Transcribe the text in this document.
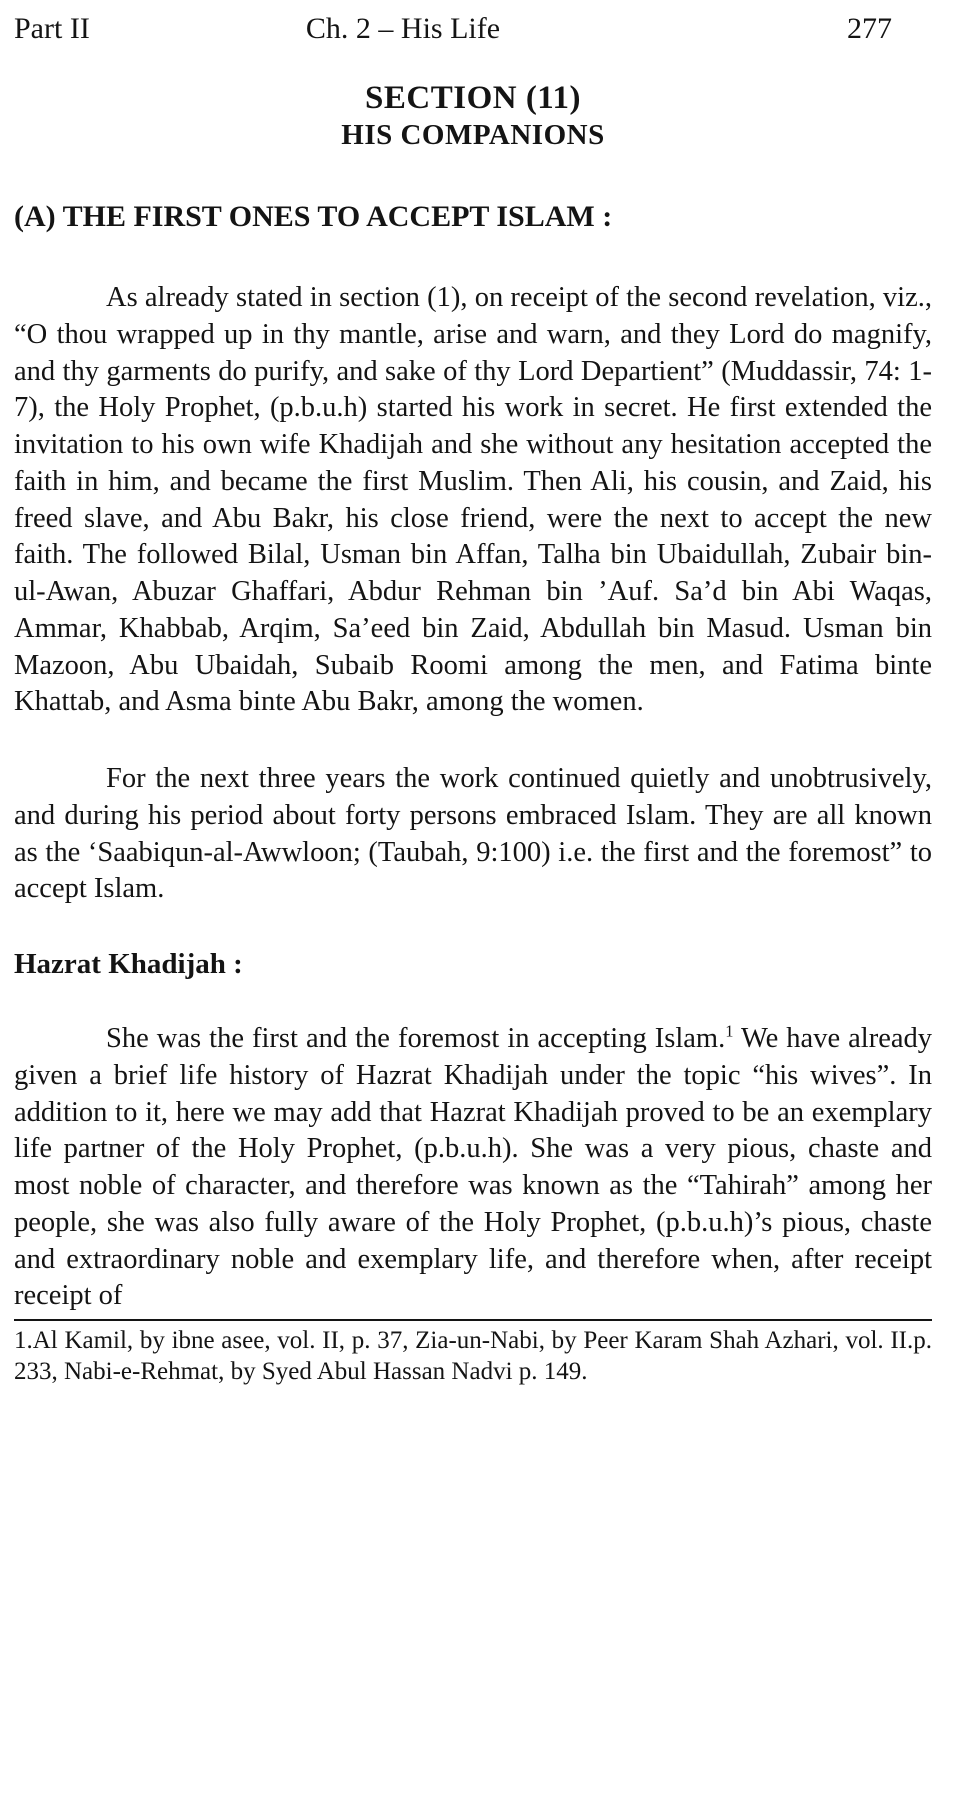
Part II	Ch. 2 – His Life	277
SECTION (11)
HIS COMPANIONS
(A) THE FIRST ONES TO ACCEPT ISLAM :

As already stated in section (1), on receipt of the second revelation, viz., “O thou wrapped up in thy mantle, arise and warn, and they Lord do magnify, and thy garments do purify, and sake of thy Lord Departient” (Muddassir, 74: 1-7), the Holy Prophet, (p.b.u.h) started his work in secret. He first extended the invitation to his own wife Khadijah and she without any hesitation accepted the faith in him, and became the first Muslim. Then Ali, his cousin, and Zaid, his freed slave, and Abu Bakr, his close friend, were the next to accept the new faith. The followed Bilal, Usman bin Affan, Talha bin Ubaidullah, Zubair bin-ul-Awan, Abuzar Ghaffari, Abdur Rehman bin ’Auf. Sa’d bin Abi Waqas, Ammar, Khabbab, Arqim, Sa’eed bin Zaid, Abdullah bin Masud. Usman bin Mazoon, Abu Ubaidah, Subaib Roomi among the men, and Fatima binte Khattab, and Asma binte Abu Bakr, among the women.

For the next three years the work continued quietly and unobtrusively, and during his period about forty persons embraced Islam. They are all known as the ‘Saabiqun-al-Awwloon; (Taubah, 9:100) i.e. the first and the foremost” to accept Islam.

Hazrat Khadijah :

She was the first and the foremost in accepting Islam.$^1$ We have already given a brief life history of Hazrat Khadijah under the topic “his wives”. In addition to it, here we may add that Hazrat Khadijah proved to be an exemplary life partner of the Holy Prophet, (p.b.u.h). She was a very pious, chaste and most noble of character, and therefore was known as the “Tahirah” among her people, she was also fully aware of the Holy Prophet, (p.b.u.h)’s pious, chaste and extraordinary noble and exemplary life, and therefore when, after receipt receipt of

1.Al Kamil, by ibne asee, vol. II, p. 37, Zia-un-Nabi, by Peer Karam Shah Azhari, vol. II.p. 233, Nabi-e-Rehmat, by Syed Abul Hassan Nadvi p. 149.
